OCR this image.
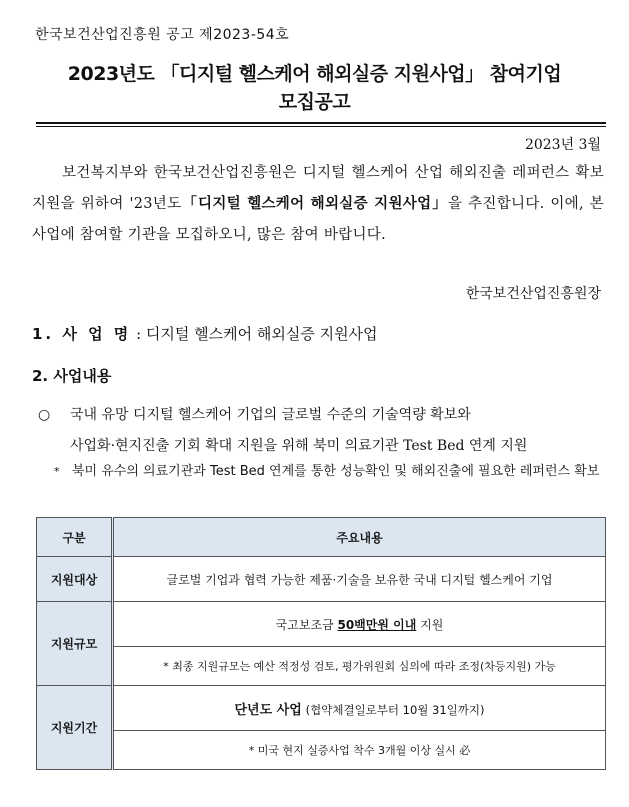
한국보건산업진흥원 공고 제2023-54호
2023년도 「디지털 헬스케어 해외실증 지원사업」 참여기업
모집공고
2023년 3월
보건복지부와 한국보건산업진흥원은 디지털 헬스케어 산업 해외진출 레퍼런스 확보 지원을 위하여 '23년도「디지털 헬스케어 해외실증 지원사업」을 추진합니다. 이에, 본 사업에 참여할 기관을 모집하오니, 많은 참여 바랍니다.
한국보건산업진흥원장
1. 사 업 명 : 디지털 헬스케어 해외실증 지원사업
2. 사업내용
○ 국내 유망 디지털 헬스케어 기업의 글로벌 수준의 기술역량 확보와
사업화·현지진출 기회 확대 지원을 위해 북미 의료기관 Test Bed 연계 지원
* 북미 유수의 의료기관과 Test Bed 연계를 통한 성능확인 및 해외진출에 필요한 레퍼런스 확보
구분	주요내용
지원대상	글로벌 기업과 협력 가능한 제품·기술을 보유한 국내 디지털 헬스케어 기업
지원규모	국고보조금 50백만원 이내 지원
	* 최종 지원규모는 예산 적정성 검토, 평가위원회 심의에 따라 조정(차등지원) 가능
지원기간	단년도 사업 (협약체결일로부터 10월 31일까지)
	* 미국 현지 실증사업 착수 3개월 이상 실시 必
